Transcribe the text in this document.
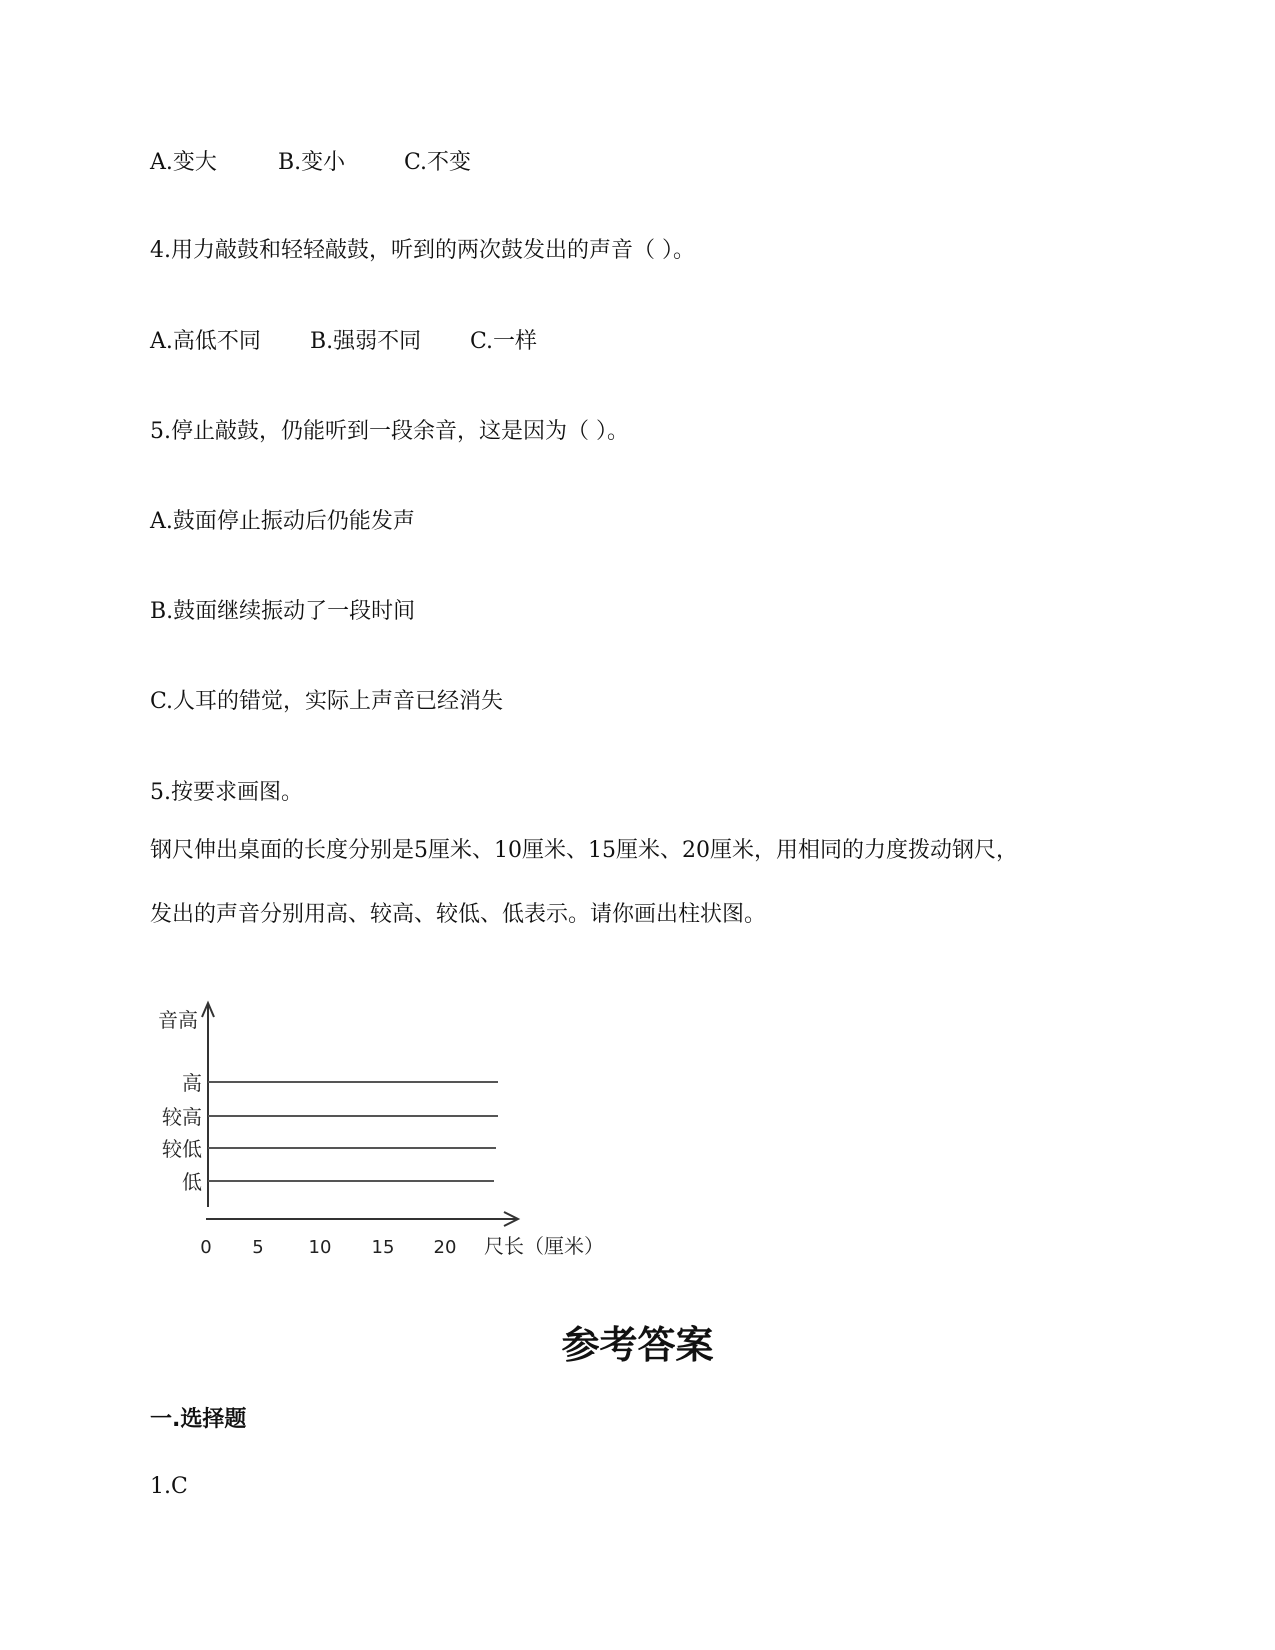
A.变大	B.变小	C.不变
4.用力敲鼓和轻轻敲鼓，听到的两次鼓发出的声音（ ）。
A.高低不同 B.强弱不同 C.一样
5.停止敲鼓，仍能听到一段余音，这是因为（ ）。
A.鼓面停止振动后仍能发声
B.鼓面继续振动了一段时间
C.人耳的错觉，实际上声音已经消失
5.按要求画图。
钢尺伸出桌面的长度分别是5厘米、10厘米、15厘米、20厘米，用相同的力度拨动钢尺，
发出的声音分别用高、较高、较低、低表示。请你画出柱状图。
音高
高
较高
较低
低
0 5 10 15 20 尺长（厘米）
参考答案
一.选择题
1.C
